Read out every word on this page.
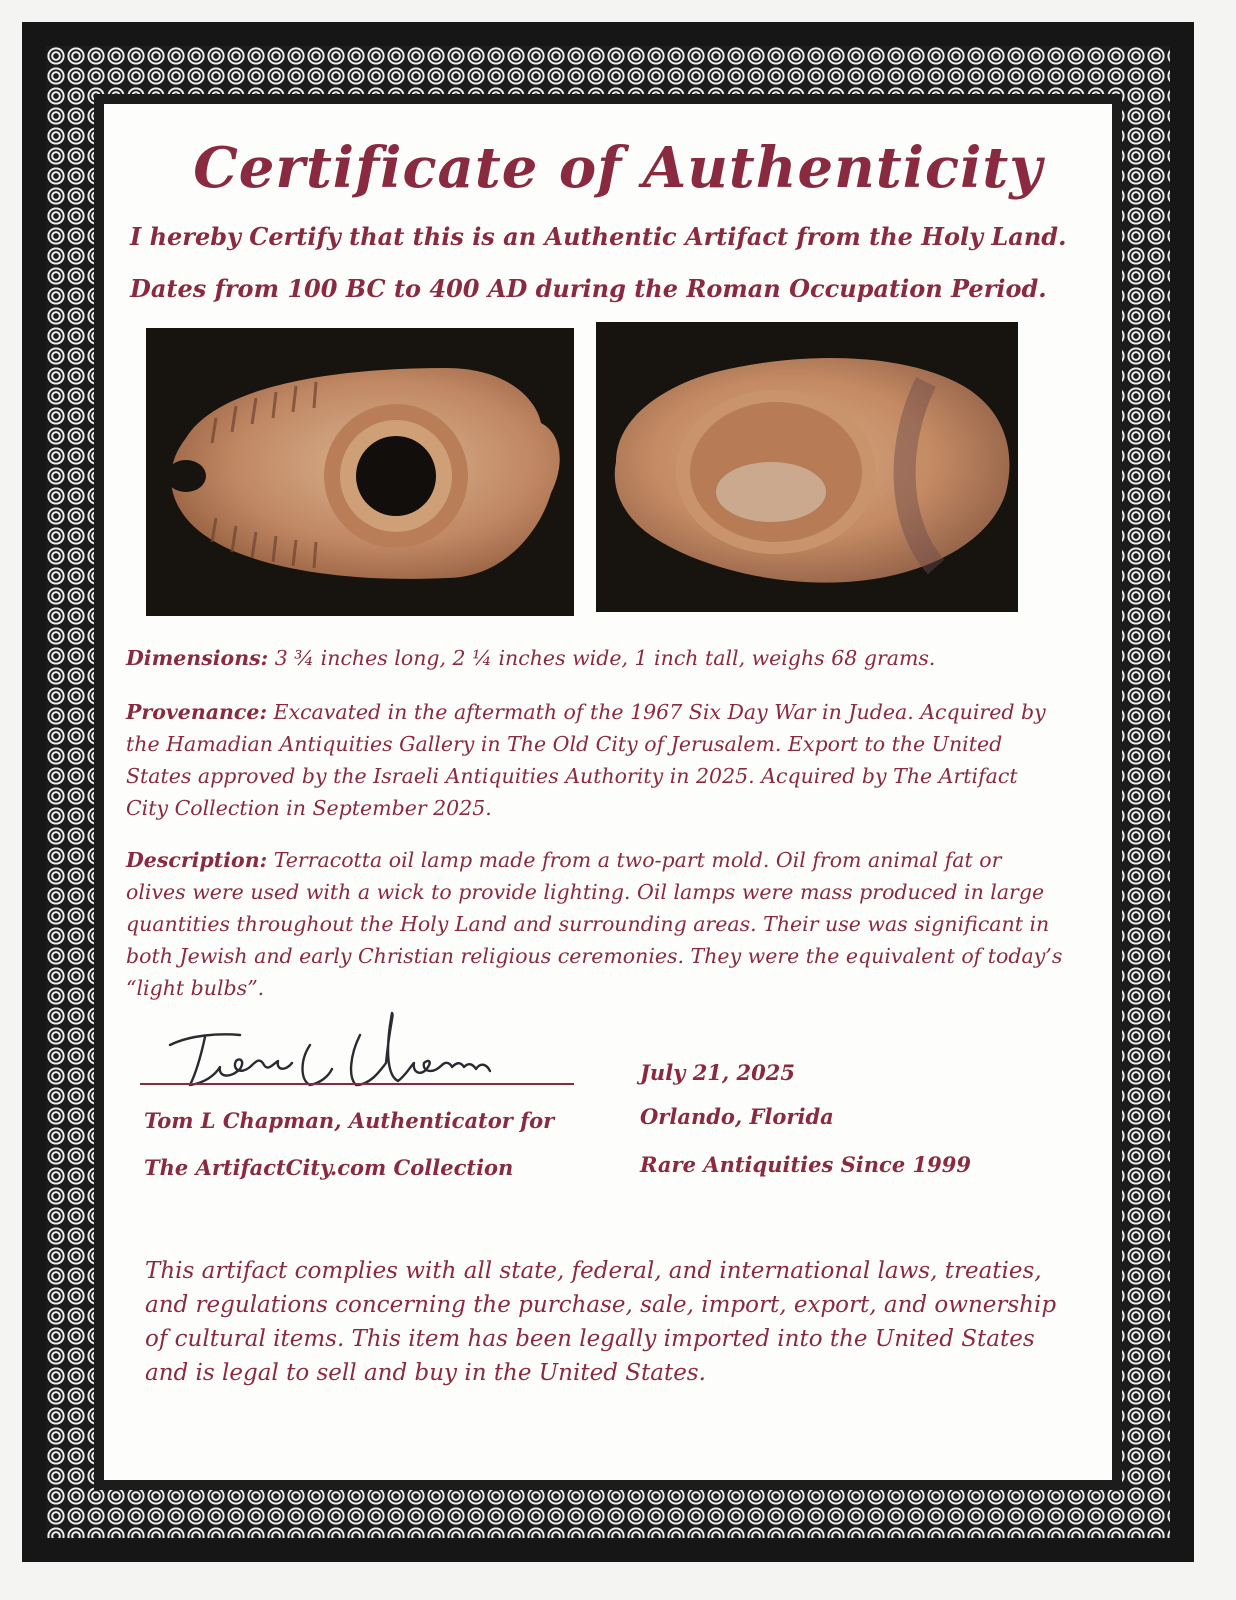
Certificate of Authenticity
I hereby Certify that this is an Authentic Artifact from the Holy Land.
Dates from 100 BC to 400 AD during the Roman Occupation Period.
Dimensions: 3 ¾ inches long, 2 ¼ inches wide, 1 inch tall, weighs 68 grams.
Provenance: Excavated in the aftermath of the 1967 Six Day War in Judea. Acquired by the Hamadian Antiquities Gallery in The Old City of Jerusalem. Export to the United States approved by the Israeli Antiquities Authority in 2025. Acquired by The Artifact City Collection in September 2025.
Description: Terracotta oil lamp made from a two-part mold. Oil from animal fat or olives were used with a wick to provide lighting. Oil lamps were mass produced in large quantities throughout the Holy Land and surrounding areas. Their use was significant in both Jewish and early Christian religious ceremonies. They were the equivalent of today’s “light bulbs”.
Tom L Chapman, Authenticator for
The ArtifactCity.com Collection
July 21, 2025
Orlando, Florida
Rare Antiquities Since 1999
This artifact complies with all state, federal, and international laws, treaties, and regulations concerning the purchase, sale, import, export, and ownership of cultural items. This item has been legally imported into the United States and is legal to sell and buy in the United States.
